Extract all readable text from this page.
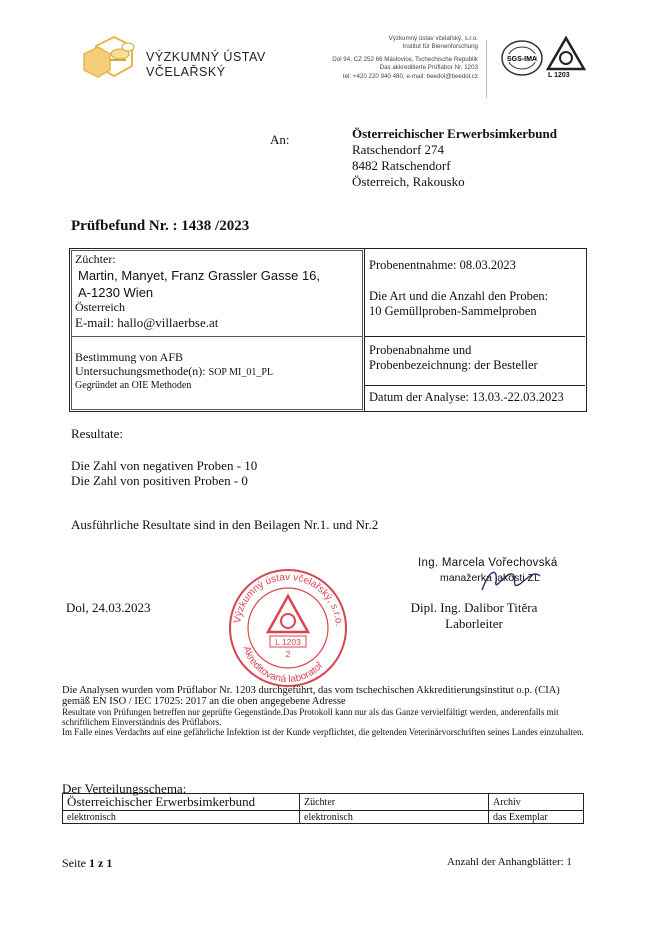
VÝZKUMNÝ ÚSTAV
VČELAŘSKÝ
Výzkumný ústav včelařský, s.r.o.
Institut für Bienenforschung
Dol 94, CZ 252 66 Máslovice, Tschechische Republik
Das akkreditierte Prüflabor Nr. 1203
tel: +420 220 940 480, e-mail: beedol@beedol.cz
SGS-IMA
L 1203
An:	Österreichischer Erwerbsimkerbund
Ratschendorf 274
8482 Ratschendorf
Österreich, Rakousko
Prüfbefund Nr. : 1438 /2023
Züchter:
Martin, Manyet, Franz Grassler Gasse 16,
A-1230 Wien
Österreich
E-mail: hallo@villaerbse.at
Bestimmung von AFB
Untersuchungsmethode(n): SOP MI_01_PL
Gegründet an OIE Methoden
Probenentnahme: 08.03.2023
Die Art und die Anzahl den Proben:
10 Gemüllproben-Sammelproben
Probenabnahme und
Probenbezeichnung: der Besteller
Datum der Analyse: 13.03.-22.03.2023
Resultate:
Die Zahl von negativen Proben - 10
Die Zahl von positiven Proben - 0
Ausführliche Resultate sind in den Beilagen Nr.1. und Nr.2
Ing. Marcela Vořechovská
manažerka jakosti ZL
Dol, 24.03.2023	Dipl. Ing. Dalibor Titěra
Laborleiter
Výzkumný ústav včelařský, s.r.o.
Akreditovaná laboratoř
L 1203
2
Die Analysen wurden vom Prüflabor Nr. 1203 durchgeführt, das vom tschechischen Akkreditierungsinstitut o.p. (CIA)
gemäß EN ISO / IEC 17025: 2017 an die oben angegebene Adresse
Resultate von Prüfungen betreffen nur geprüfte Gegenstände.Das Protokoll kann nur als das Ganze vervielfältigt werden, anderenfalls mit schriftlichem Einverständnis des Prüflabors.
Im Falle eines Verdachts auf eine gefährliche Infektion ist der Kunde verpflichtet, die geltenden Veterinärvorschriften seines Landes einzuhalten.
Der Verteilungsschema:
Österreichischer Erwerbsimkerbund	Züchter	Archiv
elektronisch	elektronisch	das Exemplar
Seite 1 z 1	Anzahl der Anhangblätter: 1
